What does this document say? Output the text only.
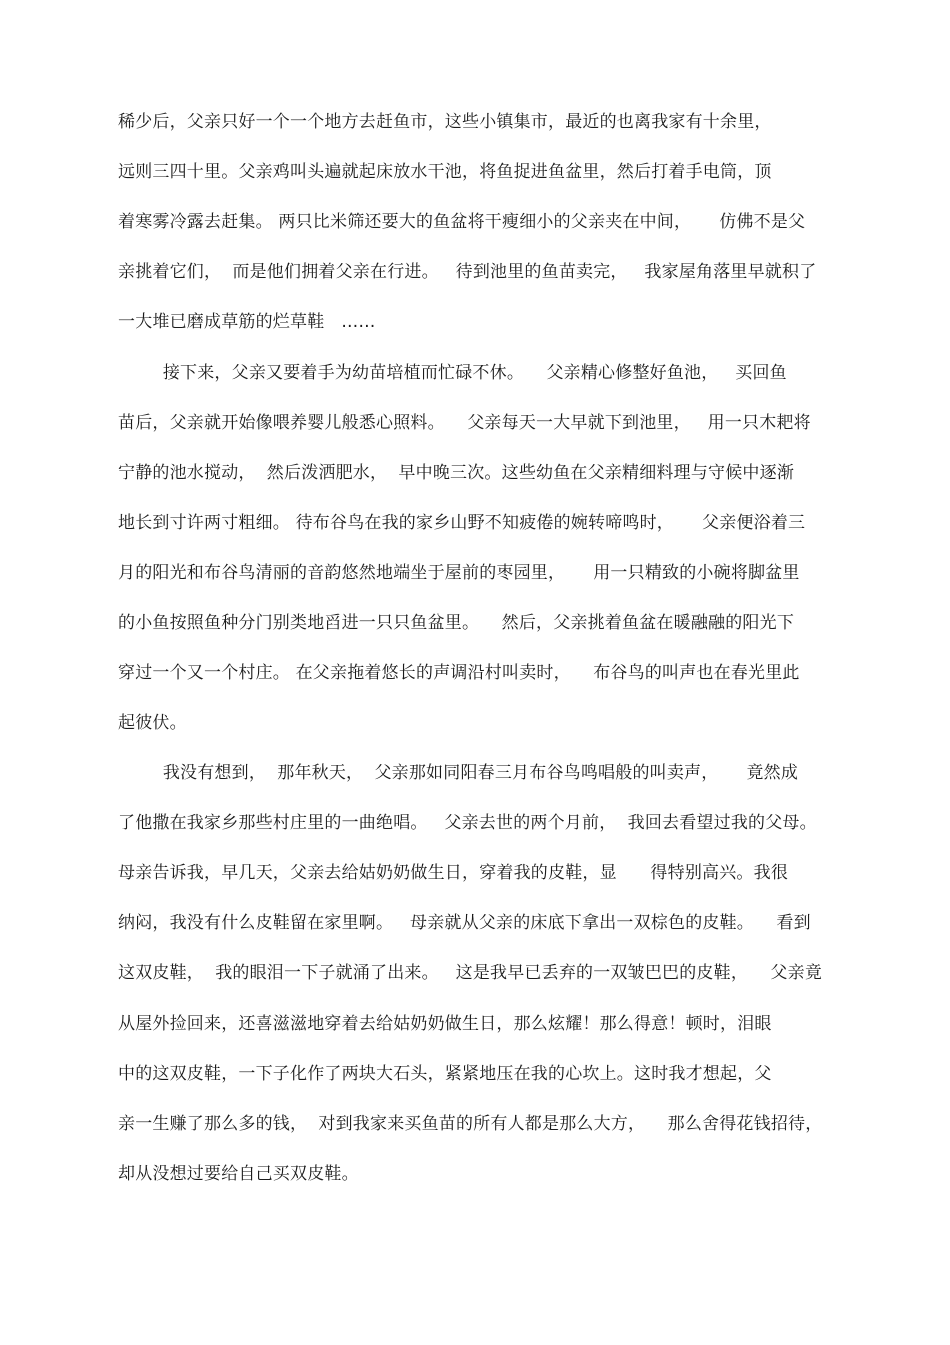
稀少后，父亲只好一个一个地方去赶鱼市，这些小镇集市，最近的也离我家有十余里，
远则三四十里。父亲鸡叫头遍就起床放水干池，将鱼捉进鱼盆里，然后打着手电筒，顶
着寒雾冷露去赶集。 两只比米筛还要大的鱼盆将干瘦细小的父亲夹在中间，     仿佛不是父
亲挑着它们，  而是他们拥着父亲在行进。   待到池里的鱼苗卖完，   我家屋角落里早就积了
一大堆已磨成草筋的烂草鞋   ……
接下来，父亲又要着手为幼苗培植而忙碌不休。    父亲精心修整好鱼池，   买回鱼
苗后，父亲就开始像喂养婴儿般悉心照料。    父亲每天一大早就下到池里，   用一只木耙将
宁静的池水搅动，  然后泼洒肥水，  早中晚三次。这些幼鱼在父亲精细料理与守候中逐渐
地长到寸许两寸粗细。 待布谷鸟在我的家乡山野不知疲倦的婉转啼鸣时，     父亲便浴着三
月的阳光和布谷鸟清丽的音韵悠然地端坐于屋前的枣园里，     用一只精致的小碗将脚盆里
的小鱼按照鱼种分门别类地舀进一只只鱼盆里。    然后，父亲挑着鱼盆在暖融融的阳光下
穿过一个又一个村庄。 在父亲拖着悠长的声调沿村叫卖时，    布谷鸟的叫声也在春光里此
起彼伏。
我没有想到，  那年秋天，  父亲那如同阳春三月布谷鸟鸣唱般的叫卖声，     竟然成
了他撒在我家乡那些村庄里的一曲绝唱。   父亲去世的两个月前，  我回去看望过我的父母。
母亲告诉我，早几天，父亲去给姑奶奶做生日，穿着我的皮鞋，显      得特别高兴。我很
纳闷，我没有什么皮鞋留在家里啊。   母亲就从父亲的床底下拿出一双棕色的皮鞋。    看到
这双皮鞋，  我的眼泪一下子就涌了出来。   这是我早已丢弃的一双皱巴巴的皮鞋，    父亲竟
从屋外捡回来，还喜滋滋地穿着去给姑奶奶做生日，那么炫耀！那么得意！顿时，泪眼
中的这双皮鞋，一下子化作了两块大石头，紧紧地压在我的心坎上。这时我才想起，父
亲一生赚了那么多的钱，  对到我家来买鱼苗的所有人都是那么大方，    那么舍得花钱招待，
却从没想过要给自己买双皮鞋。
